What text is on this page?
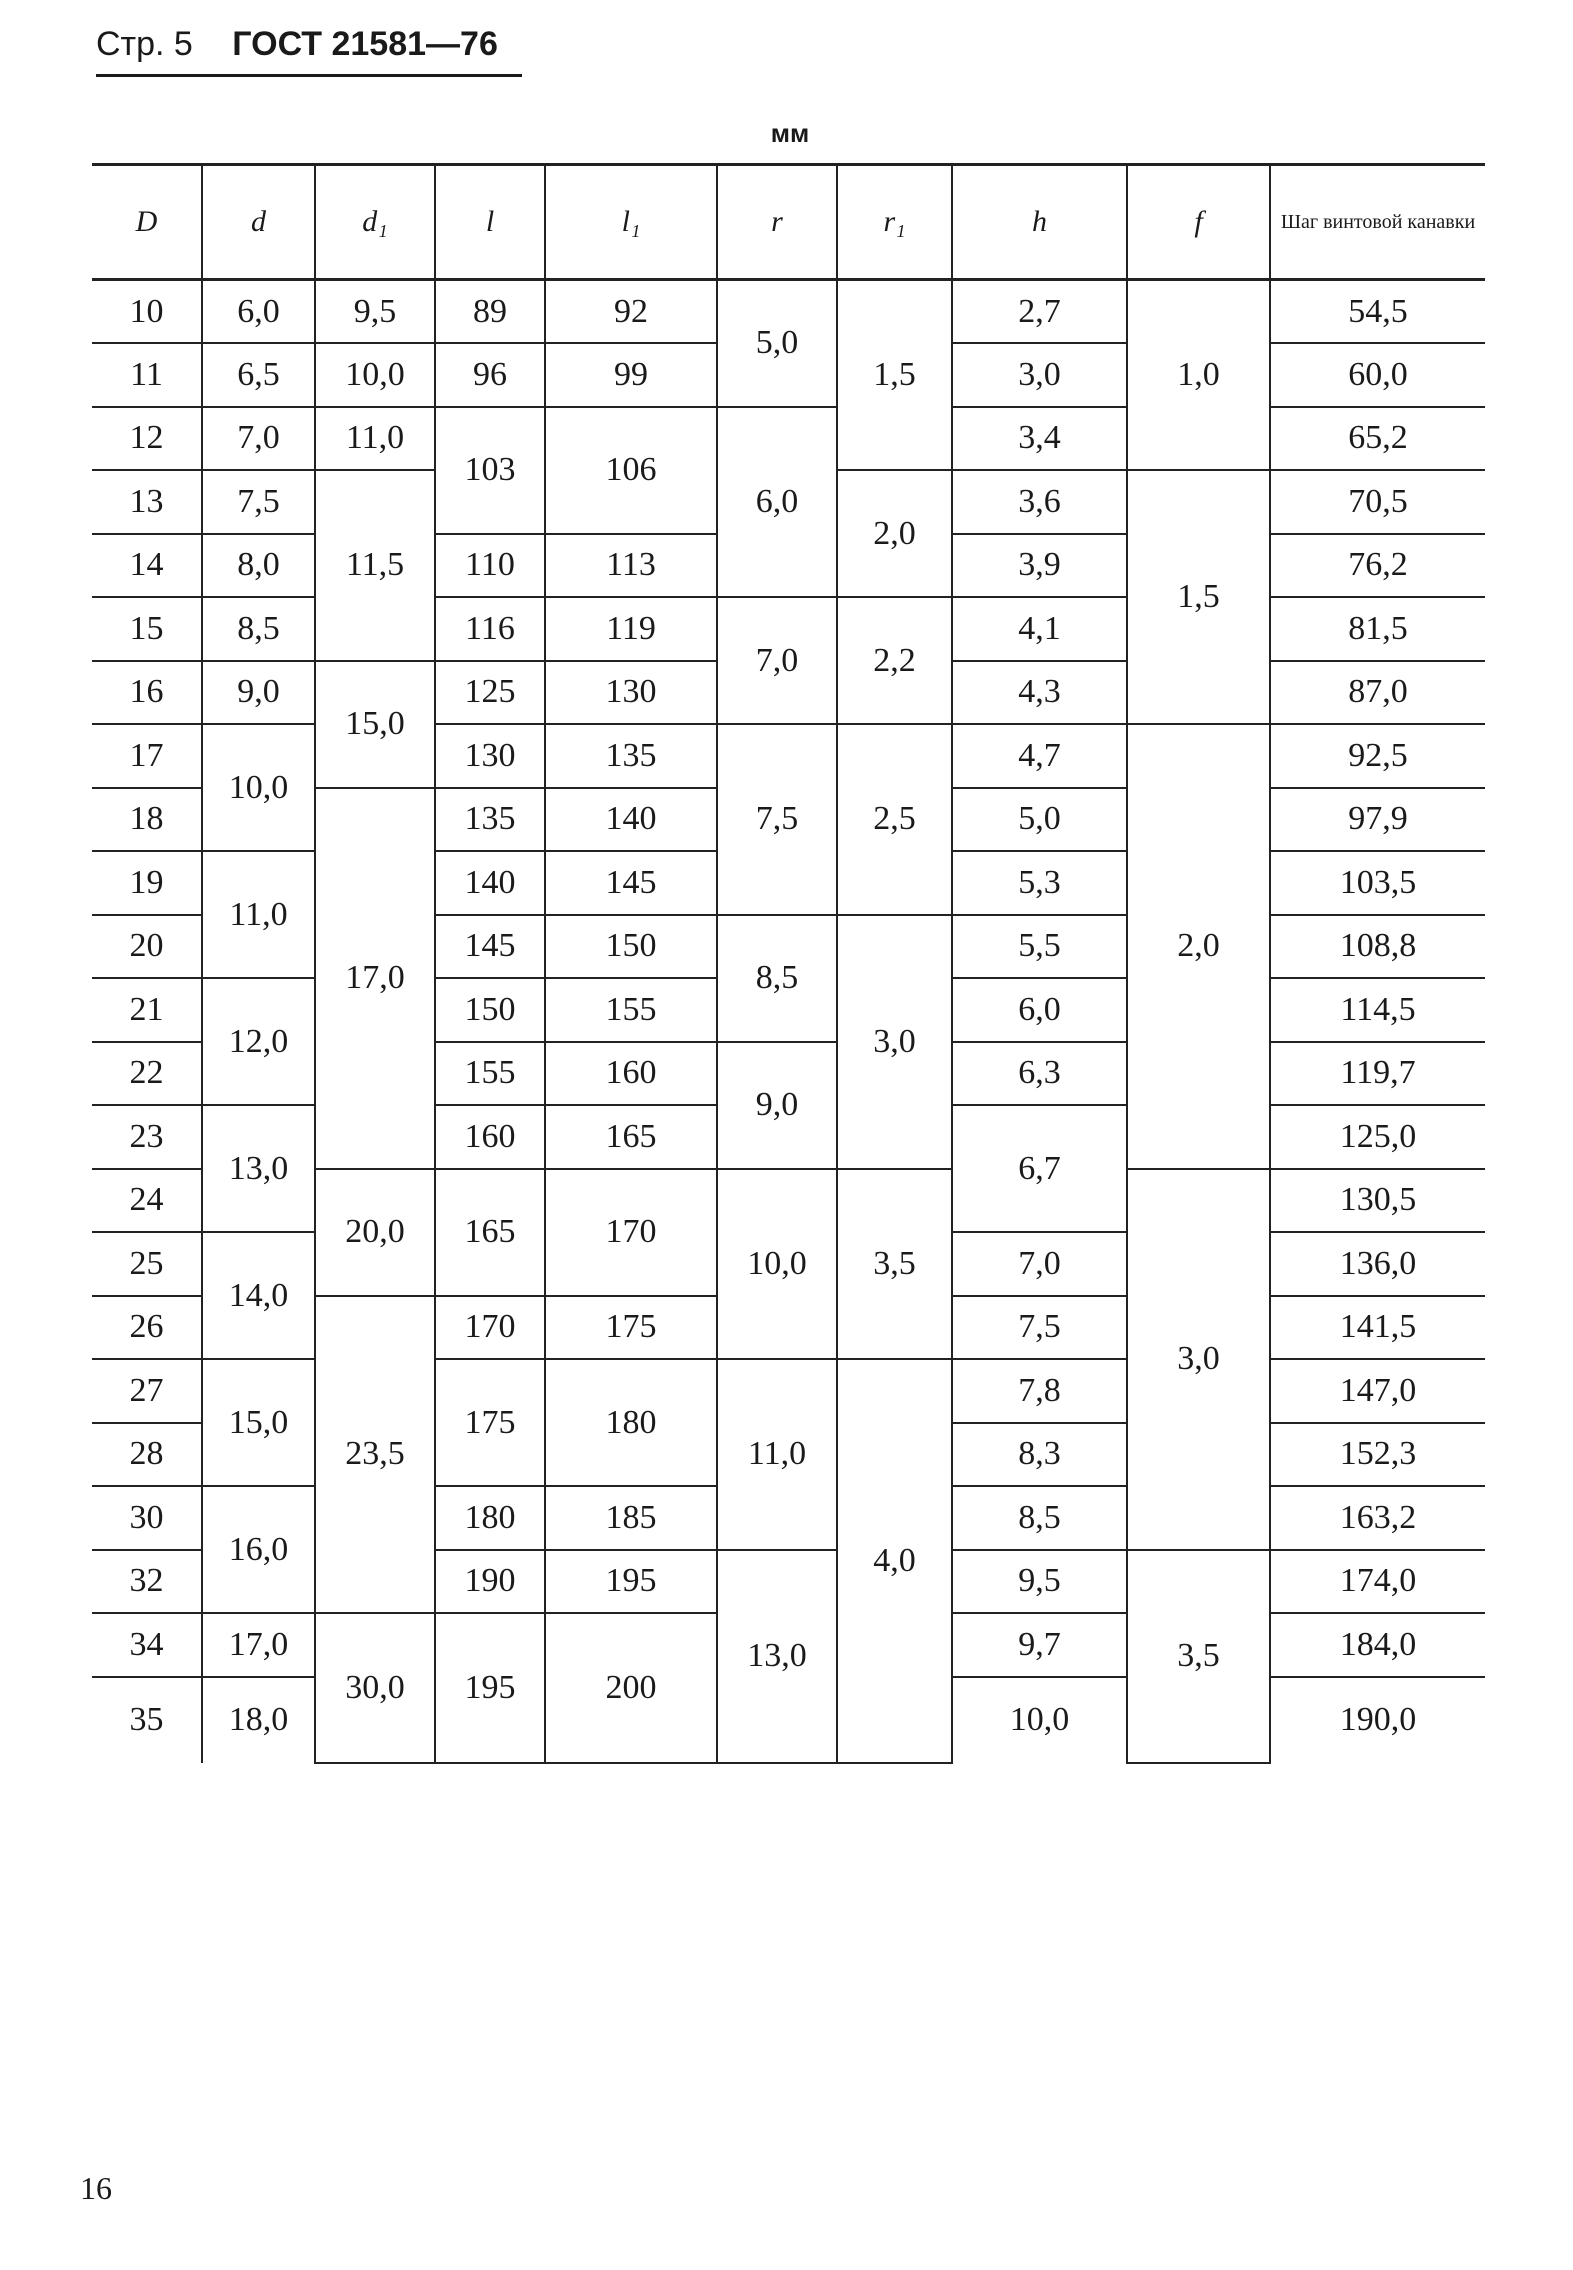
Стр. 5 ГОСТ 21581—76
мм
D	d	d₁	l	l₁	r	r₁	h	f	Шаг винтовой канавки
10	6,0	9,5	89	92	5,0	1,5	2,7	1,0	54,5
11	6,5	10,0	96	99			3,0		60,0
12	7,0	11,0	103	106	6,0		3,4		65,2
13	7,5	11,5				2,0	3,6	1,5	70,5
14	8,0		110	113			3,9		76,2
15	8,5		116	119	7,0	2,2	4,1		81,5
16	9,0	15,0	125	130			4,3		87,0
17	10,0		130	135	7,5	2,5	4,7	2,0	92,5
18		17,0	135	140			5,0		97,9
19	11,0		140	145			5,3		103,5
20			145	150	8,5	3,0	5,5		108,8
21	12,0		150	155			6,0		114,5
22			155	160	9,0		6,3		119,7
23	13,0		160	165			6,7		125,0
24		20,0	165	170	10,0	3,5		3,0	130,5
25	14,0						7,0		136,0
26		23,5	170	175			7,5		141,5
27	15,0		175	180	11,0	4,0	7,8		147,0
28							8,3		152,3
30	16,0		180	185			8,5		163,2
32			190	195	13,0		9,5	3,5	174,0
34	17,0	30,0	195	200			9,7		184,0
35	18,0						10,0		190,0
16
